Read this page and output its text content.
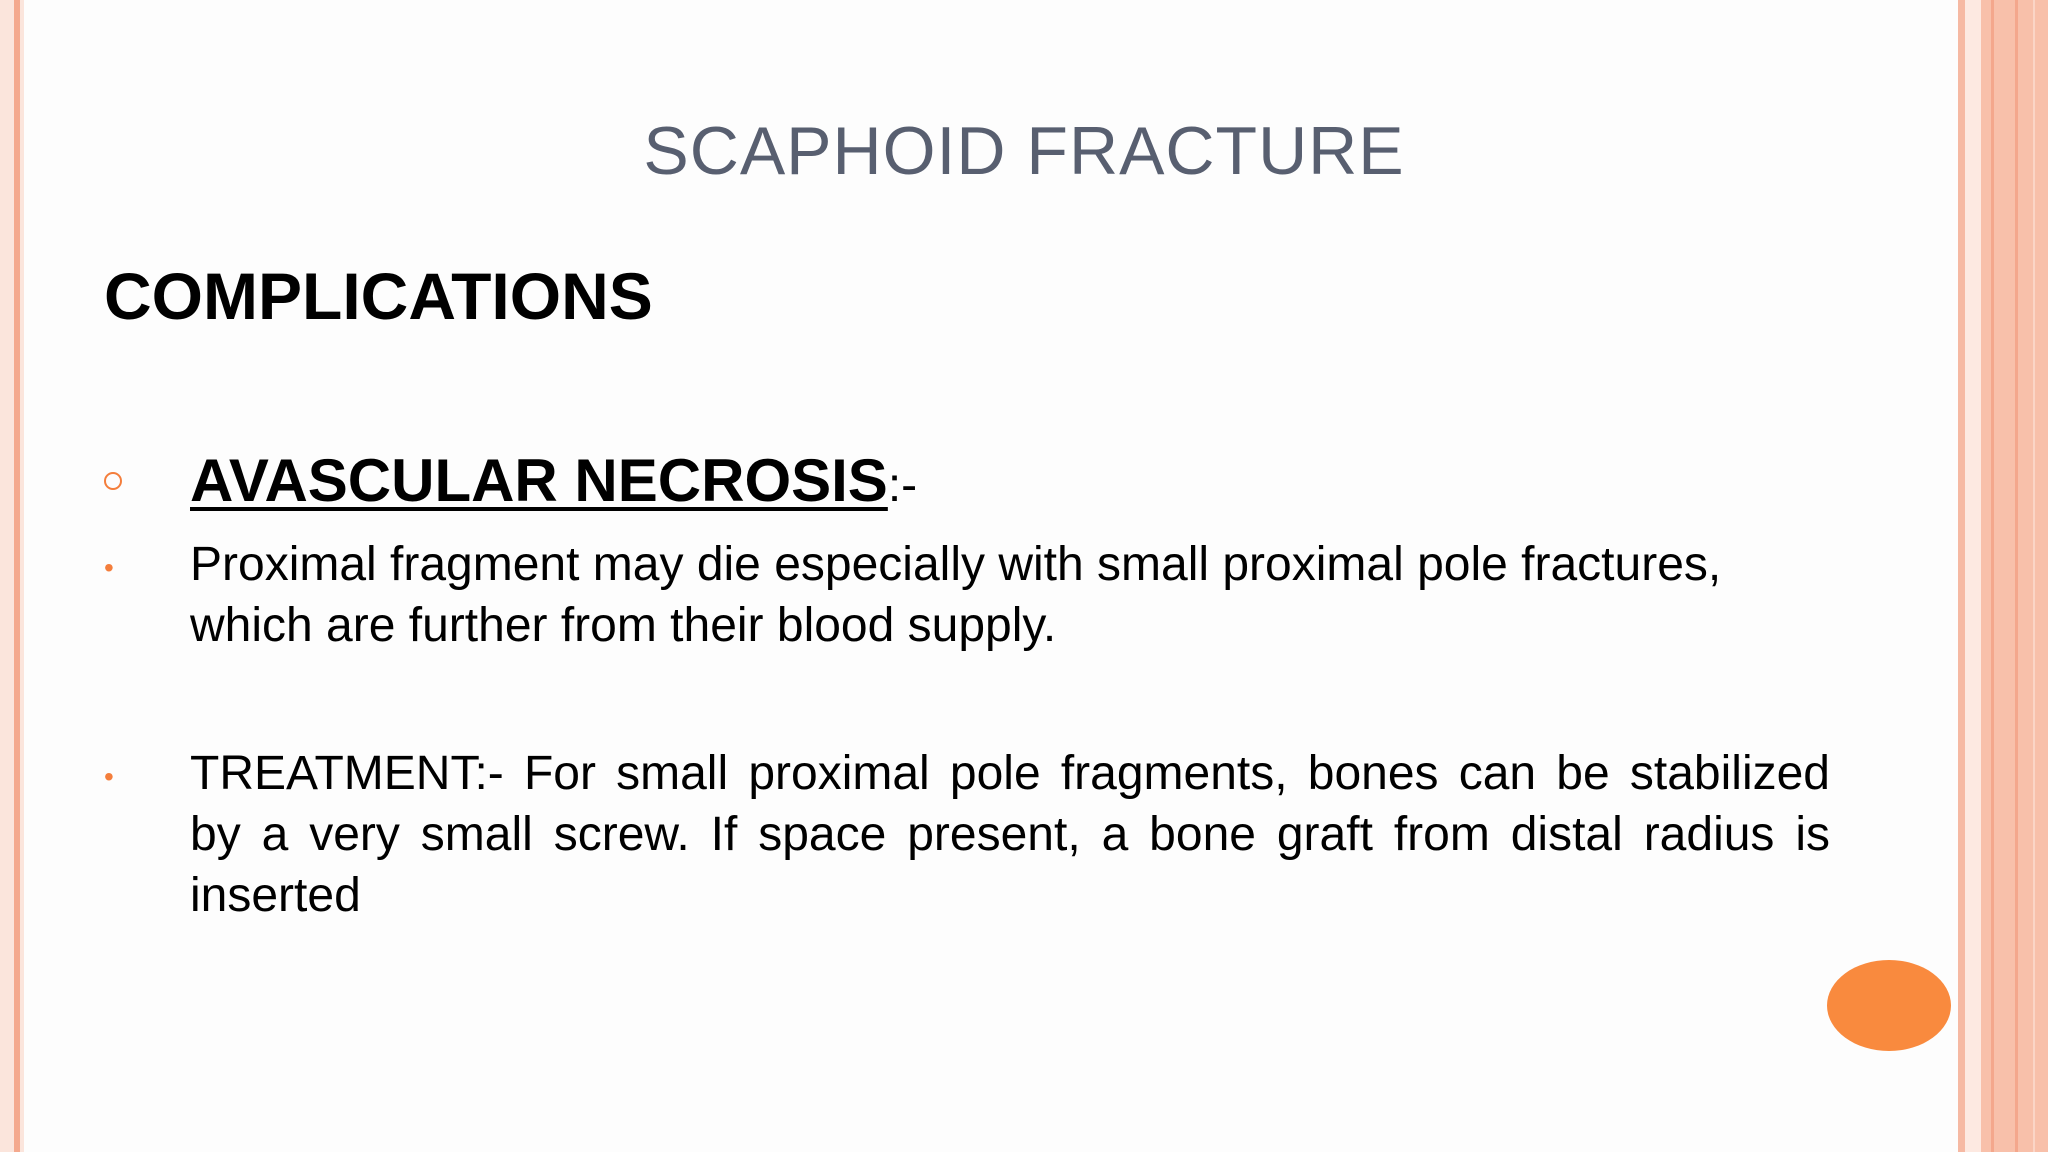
SCAPHOID FRACTURE
COMPLICATIONS
AVASCULAR NECROSIS:-
• Proximal fragment may die especially with small proximal pole fractures, which are further from their blood supply.
• TREATMENT:- For small proximal pole fragments, bones can be stabilized by a very small screw. If space present, a bone graft from distal radius is inserted
